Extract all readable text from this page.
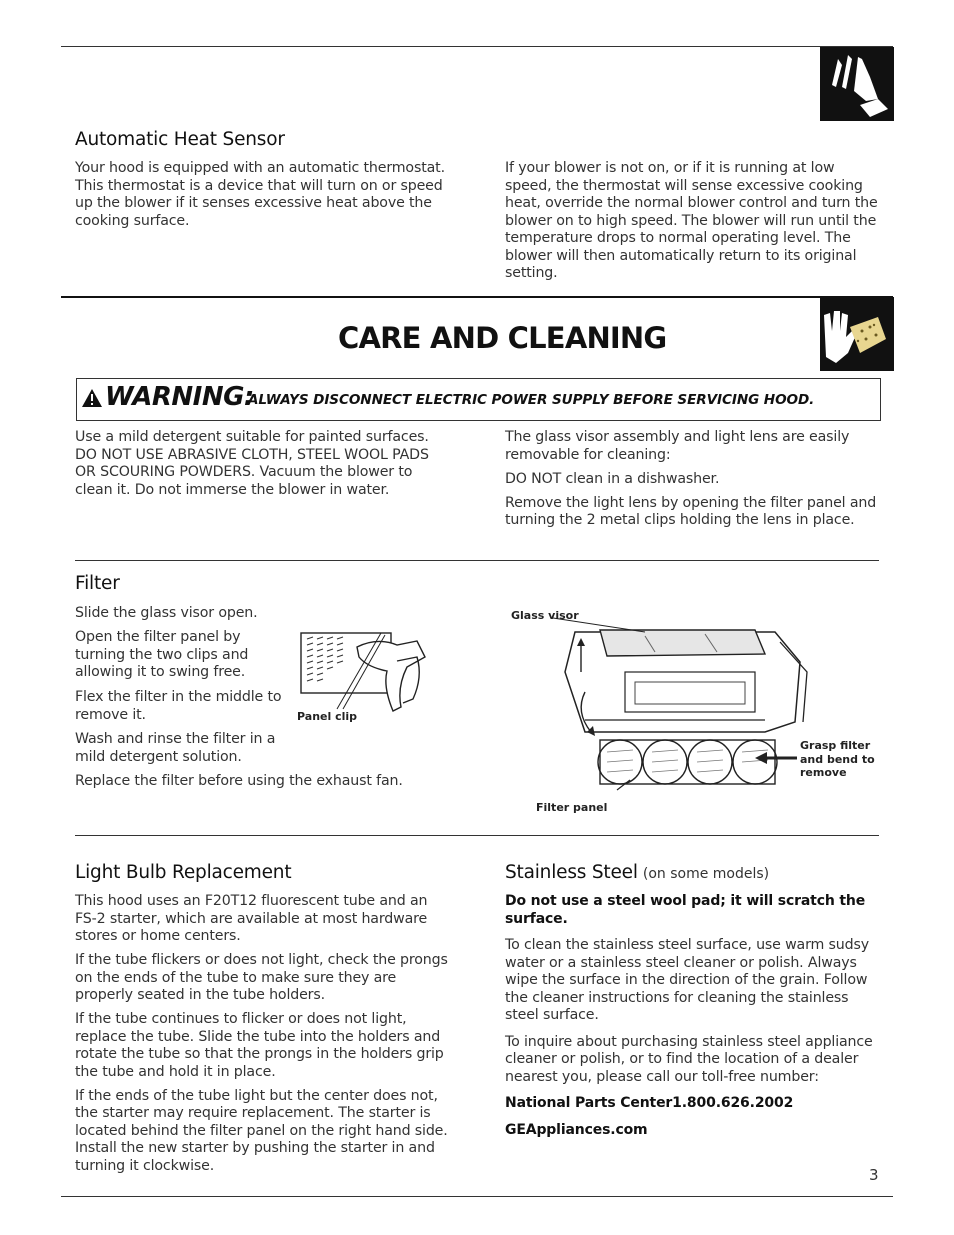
Automatic Heat Sensor
Your hood is equipped with an automatic thermostat. This thermostat is a device that will turn on or speed up the blower if it senses excessive heat above the cooking surface.
If your blower is not on, or if it is running at low speed, the thermostat will sense excessive cooking heat, override the normal blower control and turn the blower on to high speed. The blower will run until the temperature drops to normal operating level. The blower will then automatically return to its original setting.
CARE AND CLEANING
WARNING:
ALWAYS DISCONNECT ELECTRIC POWER SUPPLY BEFORE SERVICING HOOD.
Use a mild detergent suitable for painted surfaces. DO NOT USE ABRASIVE CLOTH, STEEL WOOL PADS OR SCOURING POWDERS. Vacuum the blower to clean it. Do not immerse the blower in water.

The glass visor assembly and light lens are easily removable for cleaning:

DO NOT clean in a dishwasher.

Remove the light lens by opening the filter panel and turning the 2 metal clips holding the lens in place.

Filter
Slide the glass visor open.
Open the filter panel by turning the two clips and allowing it to swing free.
Flex the filter in the middle to remove it.
Wash and rinse the filter in a mild detergent solution.
Replace the filter before using the exhaust fan.
Panel clip
Glass visor
Grasp filter and bend to remove
Filter panel
Light Bulb Replacement

This hood uses an F20T12 fluorescent tube and an FS-2 starter, which are available at most hardware stores or home centers.

If the tube flickers or does not light, check the prongs on the ends of the tube to make sure they are properly seated in the tube holders.

If the tube continues to flicker or does not light, replace the tube. Slide the tube into the holders and rotate the tube so that the prongs in the holders grip the tube and hold it in place.

If the ends of the tube light but the center does not, the starter may require replacement. The starter is located behind the filter panel on the right hand side. Install the new starter by pushing the starter in and turning it clockwise.

Stainless Steel (on some models)

Do not use a steel wool pad; it will scratch the surface.

To clean the stainless steel surface, use warm sudsy water or a stainless steel cleaner or polish. Always wipe the surface in the direction of the grain. Follow the cleaner instructions for cleaning the stainless steel surface.

To inquire about purchasing stainless steel appliance cleaner or polish, or to find the location of a dealer nearest you, please call our toll-free number:

National Parts Center1.800.626.2002

GEAppliances.com

3
